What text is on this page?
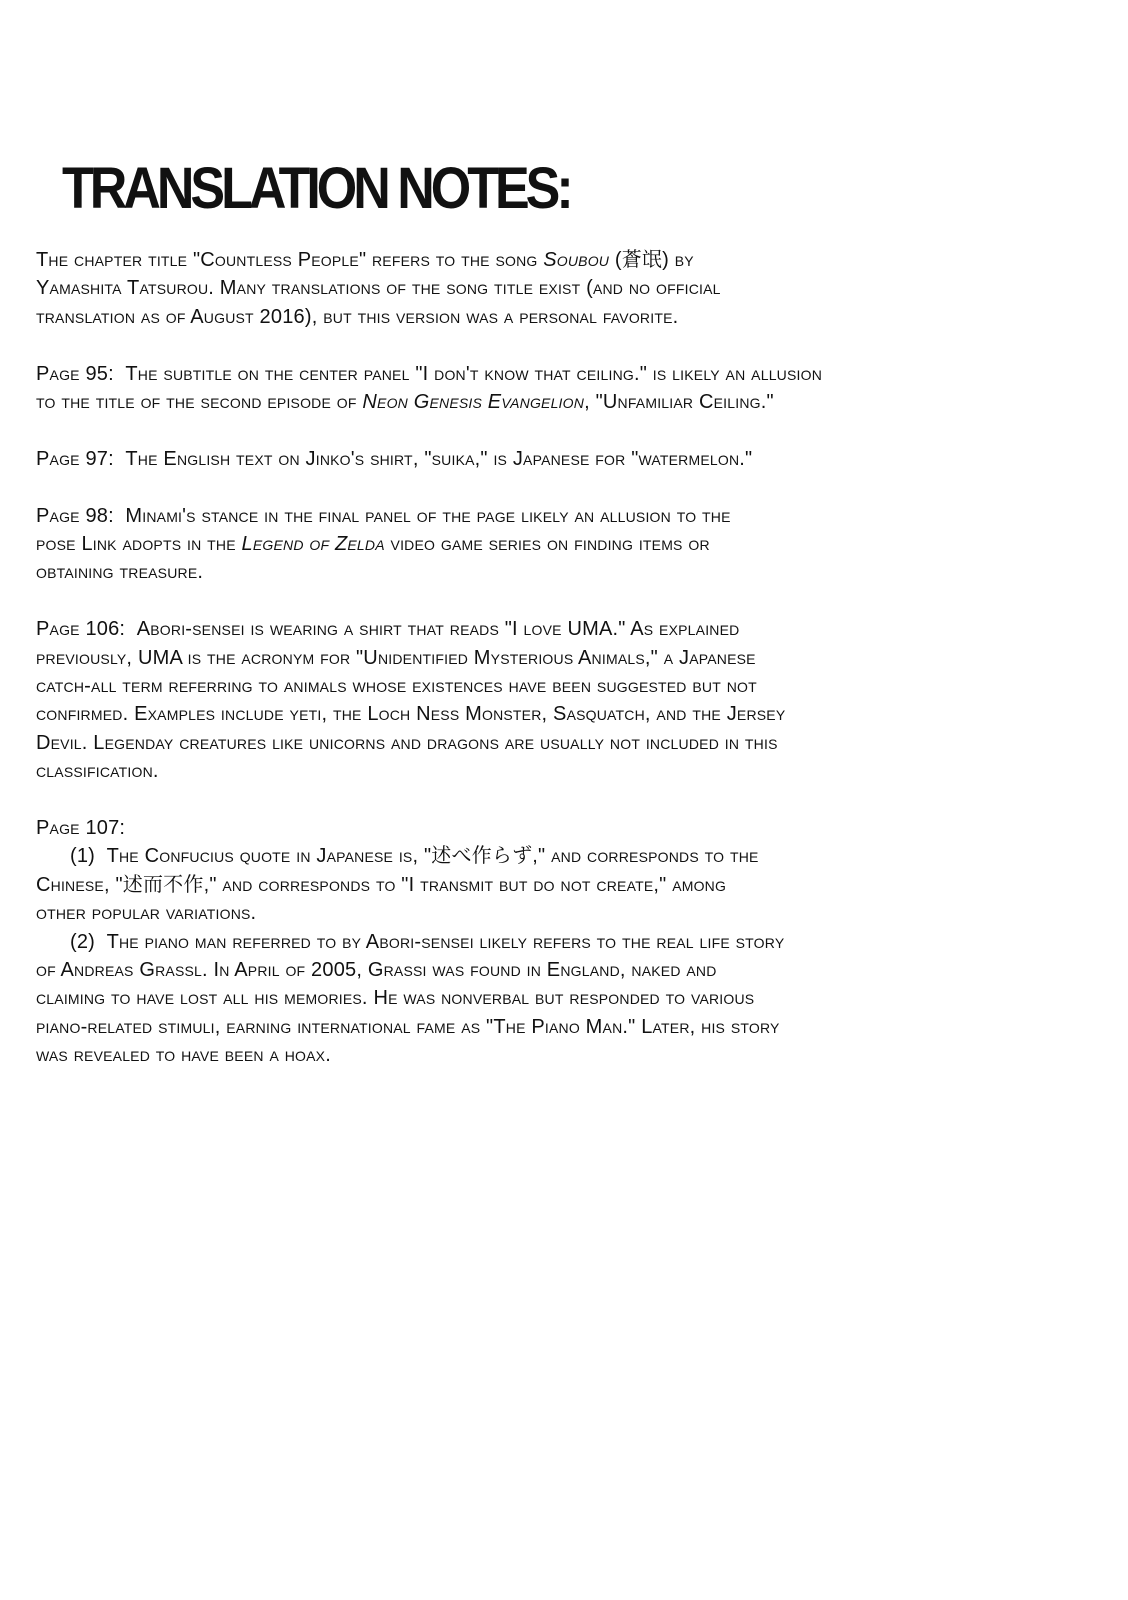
TRANSLATION NOTES:
The chapter title "Countless People" refers to the song Soubou (蒼氓) by
Yamashita Tatsurou. Many translations of the song title exist (and no official
translation as of August 2016), but this version was a personal favorite.
Page 95: The subtitle on the center panel "I don't know that ceiling." is likely an allusion
to the title of the second episode of Neon Genesis Evangelion, "Unfamiliar Ceiling."
Page 97: The English text on Jinko's shirt, "suika," is Japanese for "watermelon."
Page 98: Minami's stance in the final panel of the page likely an allusion to the
pose Link adopts in the Legend of Zelda video game series on finding items or
obtaining treasure.
Page 106: Abori-sensei is wearing a shirt that reads "I love UMA." As explained
previously, UMA is the acronym for "Unidentified Mysterious Animals," a Japanese
catch-all term referring to animals whose existences have been suggested but not
confirmed. Examples include yeti, the Loch Ness Monster, Sasquatch, and the Jersey
Devil. Legenday creatures like unicorns and dragons are usually not included in this
classification.
Page 107:
(1) The Confucius quote in Japanese is, "述べ作らず," and corresponds to the
Chinese, "述而不作," and corresponds to "I transmit but do not create," among
other popular variations.
(2) The piano man referred to by Abori-sensei likely refers to the real life story
of Andreas Grassl. In April of 2005, Grassi was found in England, naked and
claiming to have lost all his memories. He was nonverbal but responded to various
piano-related stimuli, earning international fame as "The Piano Man." Later, his story
was revealed to have been a hoax.
